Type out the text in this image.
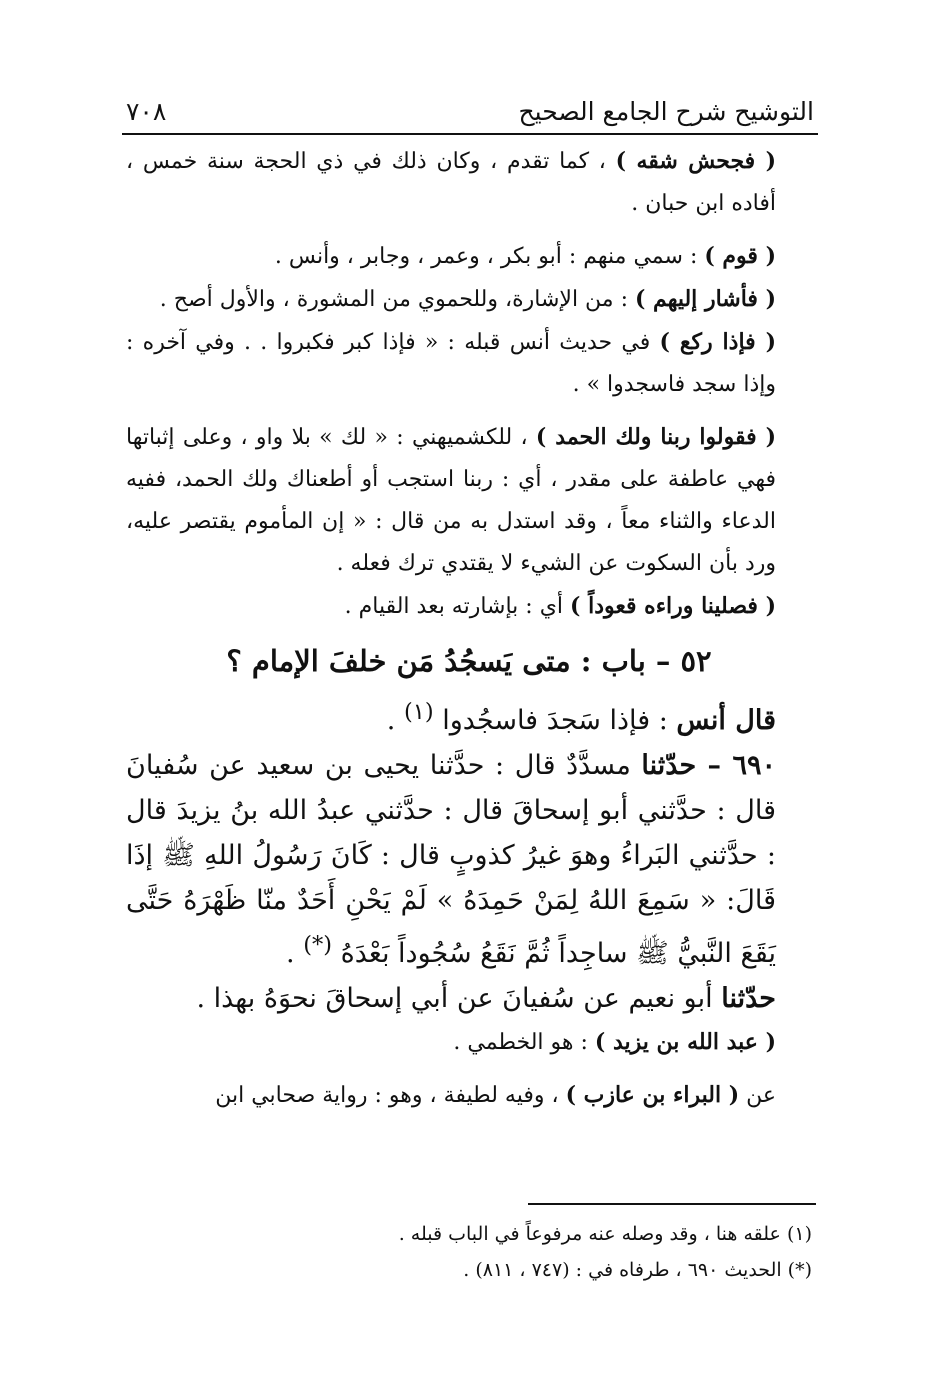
التوشيح شرح الجامع الصحيح
٧٠٨

( فجحش شقه ) ، كما تقدم ، وكان ذلك في ذي الحجة سنة خمس ، أفاده ابن حبان .

( قوم ) : سمي منهم : أبو بكر ، وعمر ، وجابر ، وأنس .

( فأشار إليهم ) : من الإشارة، وللحموي من المشورة ، والأول أصح .

( فإذا ركع ) في حديث أنس قبله : « فإذا كبر فكبروا . . وفي آخره : وإذا سجد فاسجدوا » .

( فقولوا ربنا ولك الحمد ) ، للكشميهني : « لك » بلا واو ، وعلى إثباتها فهي عاطفة على مقدر ، أي : ربنا استجب أو أطعناك ولك الحمد، ففيه الدعاء والثناء معاً ، وقد استدل به من قال : « إن المأموم يقتصر عليه، ورد بأن السكوت عن الشيء لا يقتدي ترك فعله .

( فصلينا وراءه قعوداً ) أي : بإشارته بعد القيام .

٥٢ – باب : متى يَسجُدُ مَن خلفَ الإمام ؟

قال أنس : فإذا سَجدَ فاسجُدوا $^{(١)}$ .

٦٩٠ – حدّثنا مسدَّدٌ قال : حدَّثنا يحيى بن سعيد عن سُفيانَ قال : حدَّثني أبو إسحاقَ قال : حدَّثني عبدُ الله بنُ يزيدَ قال : حدَّثني البَراءُ وهوَ غيرُ كذوبٍ قال : كَانَ رَسُولُ اللهِ ﷺ إذَا قَالَ: « سَمِعَ اللهُ لِمَنْ حَمِدَهُ » لَمْ يَحْنِ أَحَدٌ منّا ظَهْرَهُ حَتَّى يَقَعَ النَّبيُّ ﷺ ساجِداً ثُمَّ نَقَعُ سُجُوداً بَعْدَهُ (*) .

حدّثنا أبو نعيم عن سُفيانَ عن أبي إسحاقَ نحوَهُ بهذا .

( عبد الله بن يزيد ) : هو الخطمي .

عن ( البراء بن عازب ) ، وفيه لطيفة ، وهو : رواية صحابي ابن

(١) علقه هنا ، وقد وصله عنه مرفوعاً في الباب قبله .

(*) الحديث ٦٩٠ ، طرفاه في : (٧٤٧ ، ٨١١) .
